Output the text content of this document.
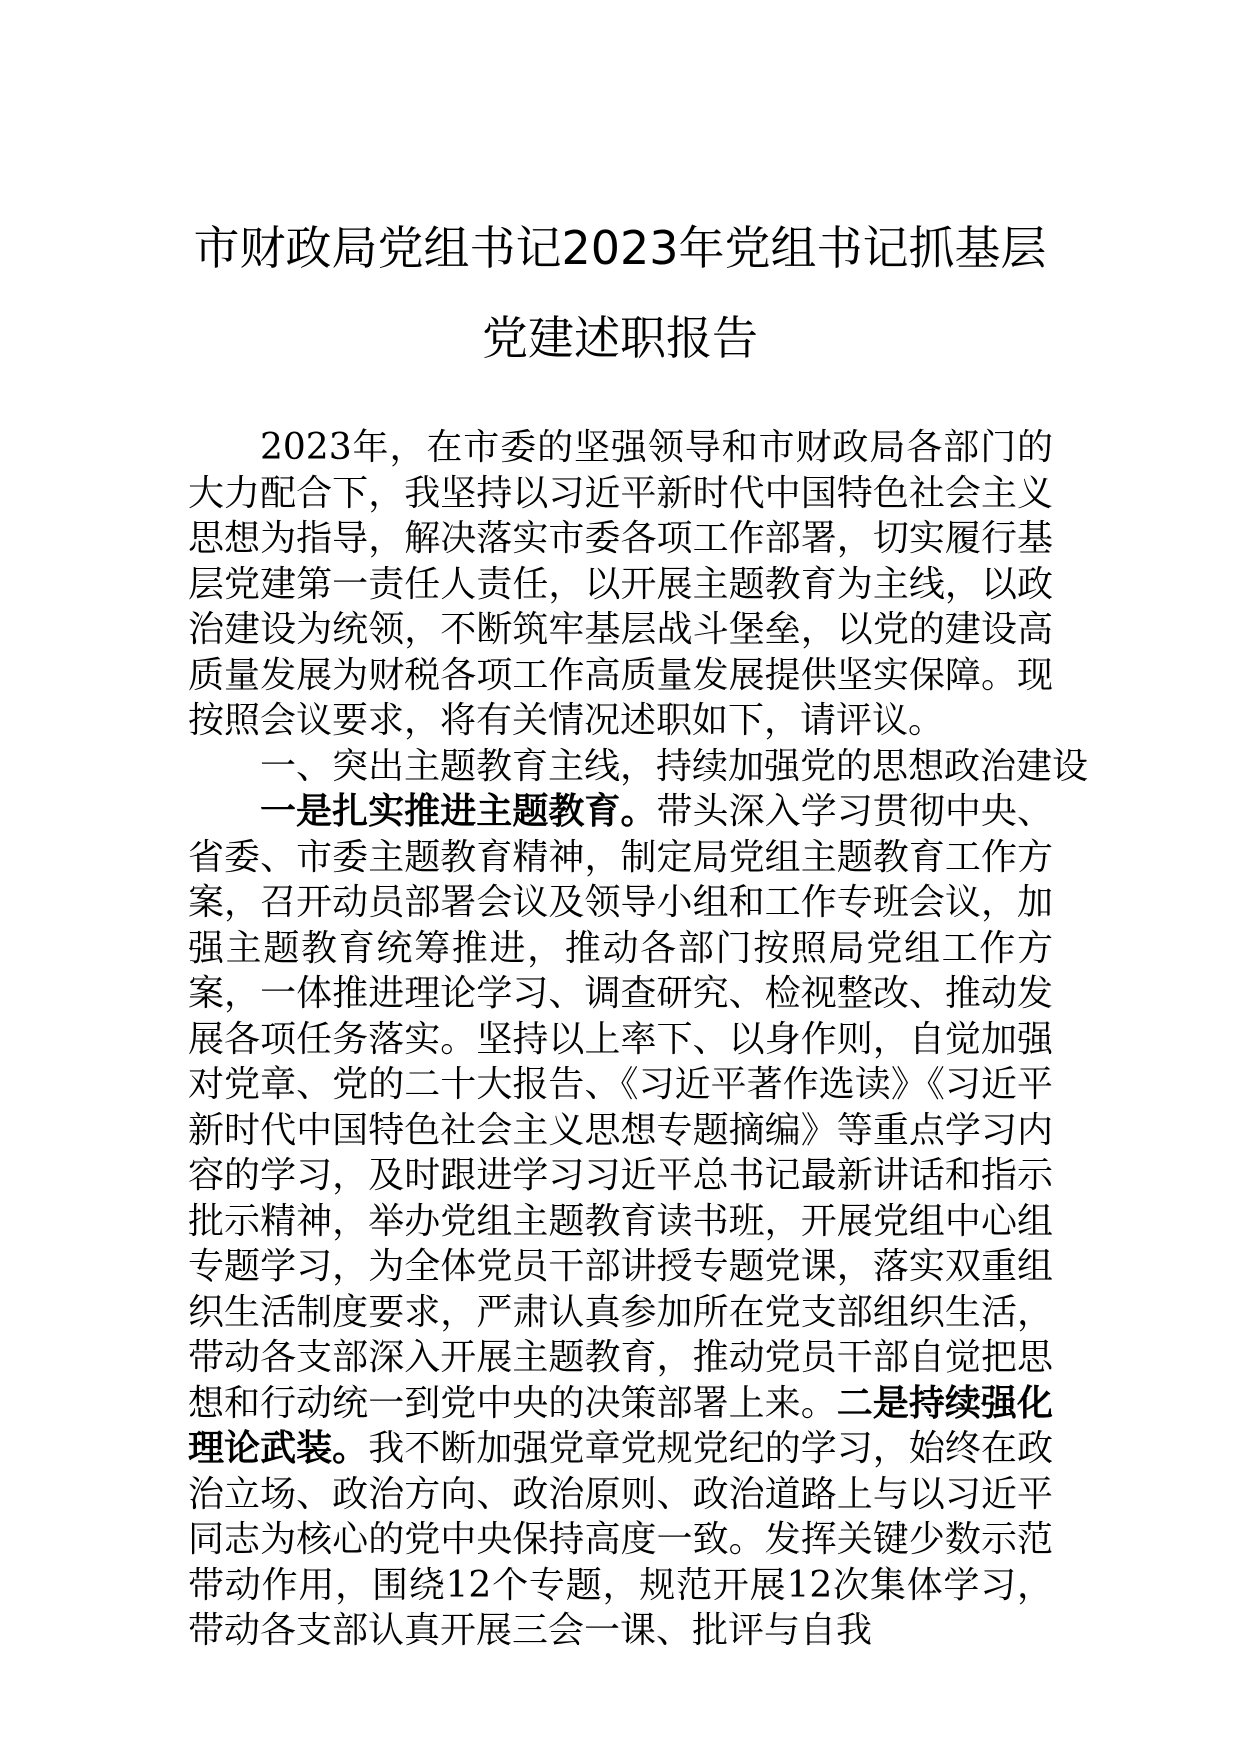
市财政局党组书记2023年党组书记抓基层
党建述职报告

2023年，在市委的坚强领导和市财政局各部门的大力配合下，我坚持以习近平新时代中国特色社会主义思想为指导，解决落实市委各项工作部署，切实履行基层党建第一责任人责任，以开展主题教育为主线，以政治建设为统领，不断筑牢基层战斗堡垒，以党的建设高质量发展为财税各项工作高质量发展提供坚实保障。现按照会议要求，将有关情况述职如下，请评议。

一、突出主题教育主线，持续加强党的思想政治建设

一是扎实推进主题教育。带头深入学习贯彻中央、省委、市委主题教育精神，制定局党组主题教育工作方案，召开动员部署会议及领导小组和工作专班会议，加强主题教育统筹推进，推动各部门按照局党组工作方案，一体推进理论学习、调查研究、检视整改、推动发展各项任务落实。坚持以上率下、以身作则，自觉加强对党章、党的二十大报告、《习近平著作选读》《习近平新时代中国特色社会主义思想专题摘编》等重点学习内容的学习，及时跟进学习习近平总书记最新讲话和指示批示精神，举办党组主题教育读书班，开展党组中心组专题学习，为全体党员干部讲授专题党课，落实双重组织生活制度要求，严肃认真参加所在党支部组织生活，带动各支部深入开展主题教育，推动党员干部自觉把思想和行动统一到党中央的决策部署上来。二是持续强化理论武装。我不断加强党章党规党纪的学习，始终在政治立场、政治方向、政治原则、政治道路上与以习近平同志为核心的党中央保持高度一致。发挥关键少数示范带动作用，围绕12个专题，规范开展12次集体学习，带动各支部认真开展三会一课、批评与自我
